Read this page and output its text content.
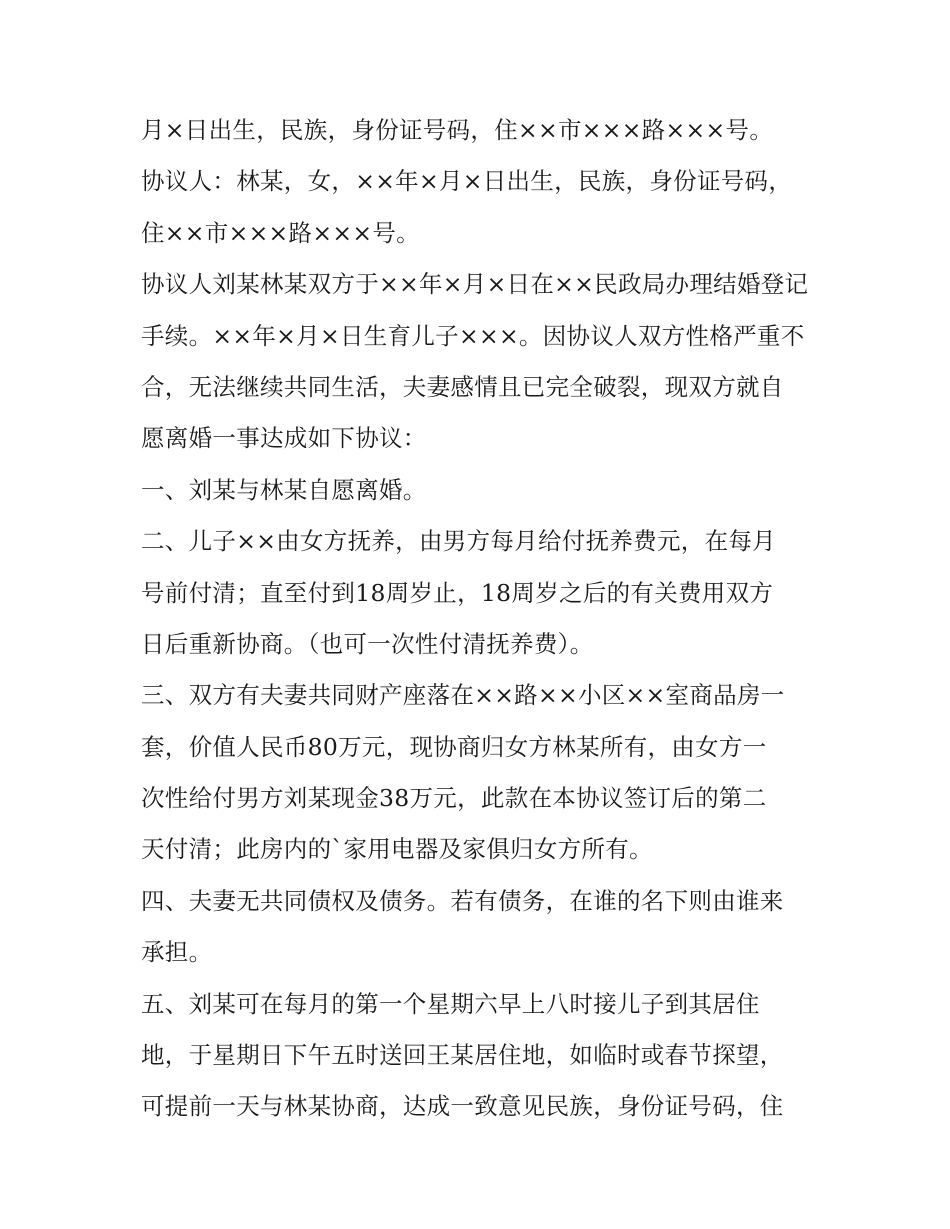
月×日出生，民族，身份证号码，住××市×××路×××号。
协议人：林某，女，××年×月×日出生，民族，身份证号码，
住××市×××路×××号。
协议人刘某林某双方于××年×月×日在××民政局办理结婚登记
手续。××年×月×日生育儿子×××。因协议人双方性格严重不
合，无法继续共同生活，夫妻感情且已完全破裂，现双方就自
愿离婚一事达成如下协议：
一、刘某与林某自愿离婚。
二、儿子××由女方抚养，由男方每月给付抚养费元，在每月
号前付清；直至付到18周岁止，18周岁之后的有关费用双方
日后重新协商。（也可一次性付清抚养费）。
三、双方有夫妻共同财产座落在××路××小区××室商品房一
套，价值人民币80万元，现协商归女方林某所有，由女方一
次性给付男方刘某现金38万元，此款在本协议签订后的第二
天付清；此房内的`家用电器及家俱归女方所有。
四、夫妻无共同债权及债务。若有债务，在谁的名下则由谁来
承担。
五、刘某可在每月的第一个星期六早上八时接儿子到其居住
地，于星期日下午五时送回王某居住地，如临时或春节探望，
可提前一天与林某协商，达成一致意见民族，身份证号码，住
